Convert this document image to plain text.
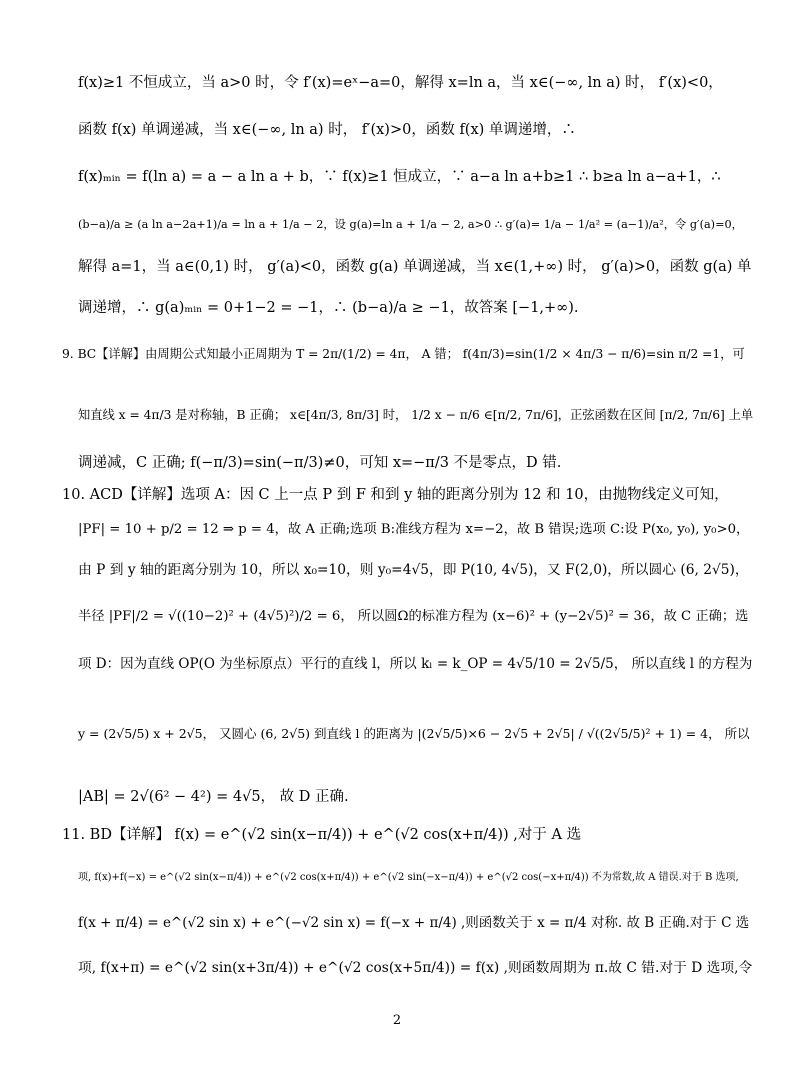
f(x)≥1 不恒成立，当 a>0 时，令 f′(x)=eˣ−a=0，解得 x=ln a，当 x∈(−∞, ln a) 时， f′(x)<0，
函数 f(x) 单调递减，当 x∈(−∞, ln a) 时， f′(x)>0，函数 f(x) 单调递增，∴
f(x)ₘᵢₙ = f(ln a) = a − a ln a + b，∵ f(x)≥1 恒成立，∵ a−a ln a+b≥1 ∴ b≥a ln a−a+1，∴
(b−a)/a ≥ (a ln a−2a+1)/a = ln a + 1/a − 2，设 g(a)=ln a + 1/a − 2, a>0 ∴ g′(a)= 1/a − 1/a² = (a−1)/a²，令 g′(a)=0，
解得 a=1，当 a∈(0,1) 时， g′(a)<0，函数 g(a) 单调递减，当 x∈(1,+∞) 时， g′(a)>0，函数 g(a) 单
调递增，∴ g(a)ₘᵢₙ = 0+1−2 = −1，∴ (b−a)/a ≥ −1，故答案 [−1,+∞).
9. BC【详解】由周期公式知最小正周期为 T = 2π/(1/2) = 4π， A 错； f(4π/3)=sin(1/2 × 4π/3 − π/6)=sin π/2 =1，可
知直线 x = 4π/3 是对称轴，B 正确； x∈[4π/3, 8π/3] 时， 1/2 x − π/6 ∈[π/2, 7π/6]，正弦函数在区间 [π/2, 7π/6] 上单
调递减，C 正确; f(−π/3)=sin(−π/3)≠0，可知 x=−π/3 不是零点，D 错.
10. ACD【详解】选项 A：因 C 上一点 P 到 F 和到 y 轴的距离分别为 12 和 10，由抛物线定义可知，
|PF| = 10 + p/2 = 12 ⇒ p = 4，故 A 正确;选项 B:准线方程为 x=−2，故 B 错误;选项 C:设 P(x₀, y₀), y₀>0，
由 P 到 y 轴的距离分别为 10，所以 x₀=10，则 y₀=4√5，即 P(10, 4√5)，又 F(2,0)，所以圆心 (6, 2√5)，
半径 |PF|/2 = √((10−2)² + (4√5)²)/2 = 6， 所以圆Ω的标准方程为 (x−6)² + (y−2√5)² = 36，故 C 正确；选
项 D：因为直线 OP(O 为坐标原点）平行的直线 l，所以 kₗ = k_OP = 4√5/10 = 2√5/5， 所以直线 l 的方程为
y = (2√5/5) x + 2√5， 又圆心 (6, 2√5) 到直线 l 的距离为 |(2√5/5)×6 − 2√5 + 2√5| / √((2√5/5)² + 1) = 4， 所以
|AB| = 2√(6² − 4²) = 4√5， 故 D 正确.
11. BD【详解】 f(x) = e^(√2 sin(x−π/4)) + e^(√2 cos(x+π/4)) ,对于 A 选
项, f(x)+f(−x) = e^(√2 sin(x−π/4)) + e^(√2 cos(x+π/4)) + e^(√2 sin(−x−π/4)) + e^(√2 cos(−x+π/4)) 不为常数,故 A 错误.对于 B 选项,
f(x + π/4) = e^(√2 sin x) + e^(−√2 sin x) = f(−x + π/4) ,则函数关于 x = π/4 对称. 故 B 正确.对于 C 选
项, f(x+π) = e^(√2 sin(x+3π/4)) + e^(√2 cos(x+5π/4)) = f(x) ,则函数周期为 π.故 C 错.对于 D 选项,令
2
